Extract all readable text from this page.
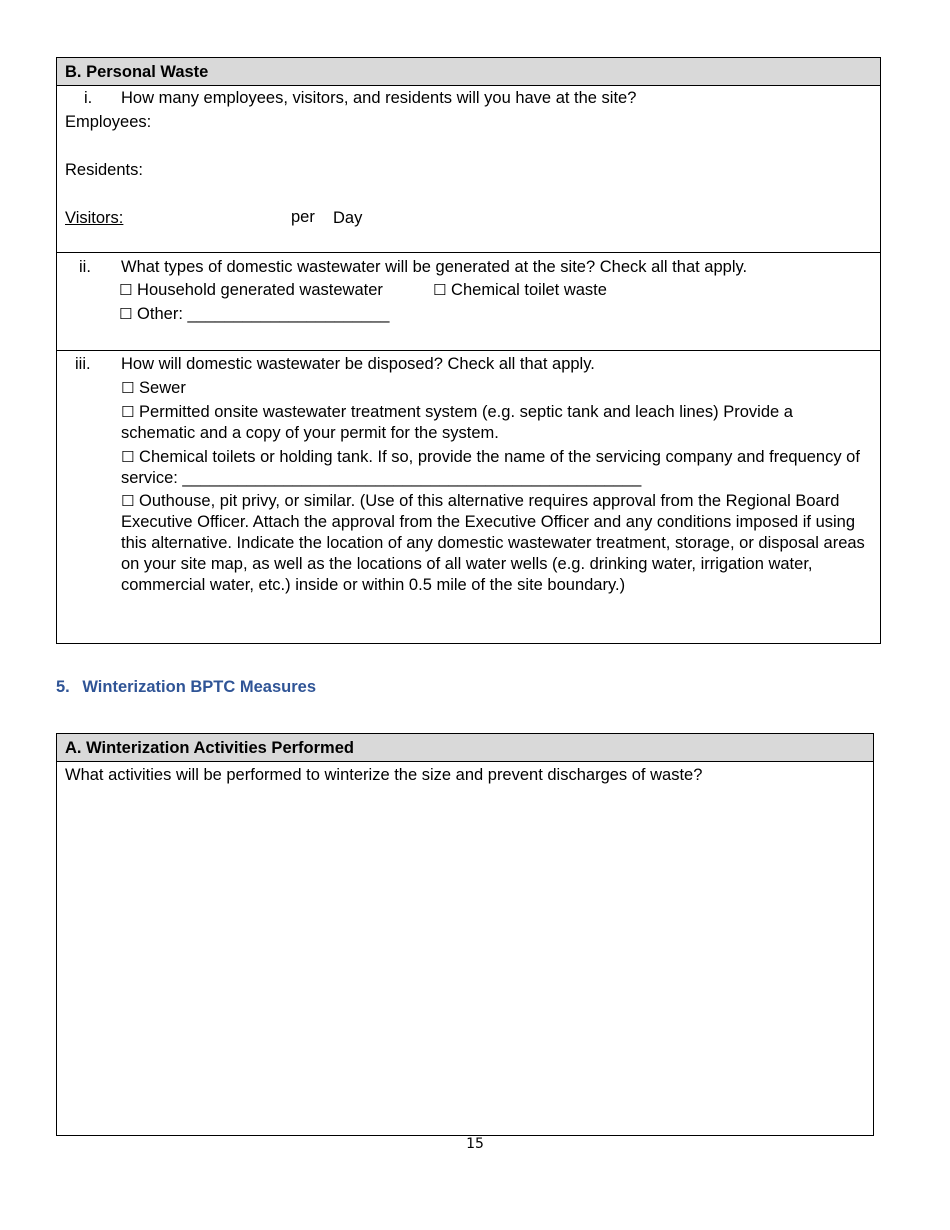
B. Personal Waste
i. How many employees, visitors, and residents will you have at the site?
Employees:
Residents:
Visitors:	per Day
ii. What types of domestic wastewater will be generated at the site? Check all that apply.
☐ Household generated wastewater	☐ Chemical toilet waste
☐ Other: ______________________
iii. How will domestic wastewater be disposed? Check all that apply.
☐ Sewer
☐ Permitted onsite wastewater treatment system (e.g. septic tank and leach lines) Provide a schematic and a copy of your permit for the system.
☐ Chemical toilets or holding tank. If so, provide the name of the servicing company and frequency of service: __________________________________________________
☐ Outhouse, pit privy, or similar. (Use of this alternative requires approval from the Regional Board Executive Officer. Attach the approval from the Executive Officer and any conditions imposed if using this alternative. Indicate the location of any domestic wastewater treatment, storage, or disposal areas on your site map, as well as the locations of all water wells (e.g. drinking water, irrigation water, commercial water, etc.) inside or within 0.5 mile of the site boundary.)
5. Winterization BPTC Measures
A. Winterization Activities Performed
What activities will be performed to winterize the size and prevent discharges of waste?
15
